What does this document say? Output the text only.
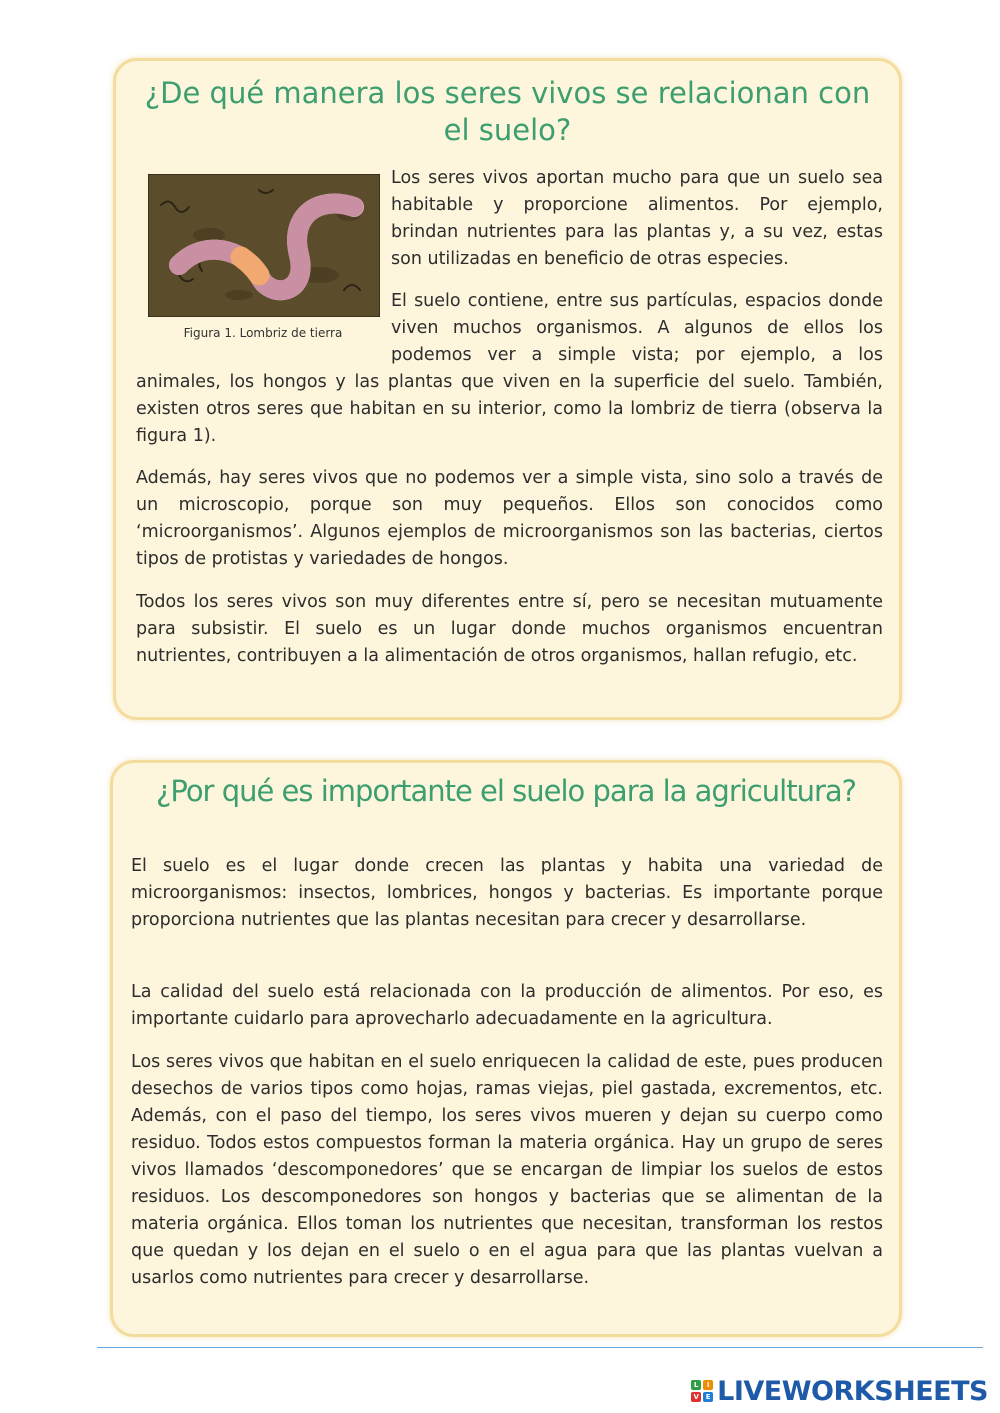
¿De qué manera los seres vivos se relacionan con el suelo?
Figura 1. Lombriz de tierra

Los seres vivos aportan mucho para que un suelo sea habitable y proporcione alimentos. Por ejemplo, brindan nutrientes para las plantas y, a su vez, estas son utilizadas en beneficio de otras especies.

El suelo contiene, entre sus partículas, espacios donde viven muchos organismos. A algunos de ellos los podemos ver a simple vista; por ejemplo, a los animales, los hongos y las plantas que viven en la superficie del suelo. También, existen otros seres que habitan en su interior, como la lombriz de tierra (observa la figura 1).

Además, hay seres vivos que no podemos ver a simple vista, sino solo a través de un microscopio, porque son muy pequeños. Ellos son conocidos como ‘microorganismos’. Algunos ejemplos de microorganismos son las bacterias, ciertos tipos de protistas y variedades de hongos.

Todos los seres vivos son muy diferentes entre sí, pero se necesitan mutuamente para subsistir. El suelo es un lugar donde muchos organismos encuentran nutrientes, contribuyen a la alimentación de otros organismos, hallan refugio, etc.

¿Por qué es importante el suelo para la agricultura?

El suelo es el lugar donde crecen las plantas y habita una variedad de microorganismos: insectos, lombrices, hongos y bacterias. Es importante porque proporciona nutrientes que las plantas necesitan para crecer y desarrollarse.

La calidad del suelo está relacionada con la producción de alimentos. Por eso, es importante cuidarlo para aprovecharlo adecuadamente en la agricultura.

Los seres vivos que habitan en el suelo enriquecen la calidad de este, pues producen desechos de varios tipos como hojas, ramas viejas, piel gastada, excrementos, etc. Además, con el paso del tiempo, los seres vivos mueren y dejan su cuerpo como residuo. Todos estos compuestos forman la materia orgánica. Hay un grupo de seres vivos llamados ‘descomponedores’ que se encargan de limpiar los suelos de estos residuos. Los descomponedores son hongos y bacterias que se alimentan de la materia orgánica. Ellos toman los nutrientes que necesitan, transforman los restos que quedan y los dejan en el suelo o en el agua para que las plantas vuelvan a usarlos como nutrientes para crecer y desarrollarse.

L	I
V E LIVEWORKSHEETS
